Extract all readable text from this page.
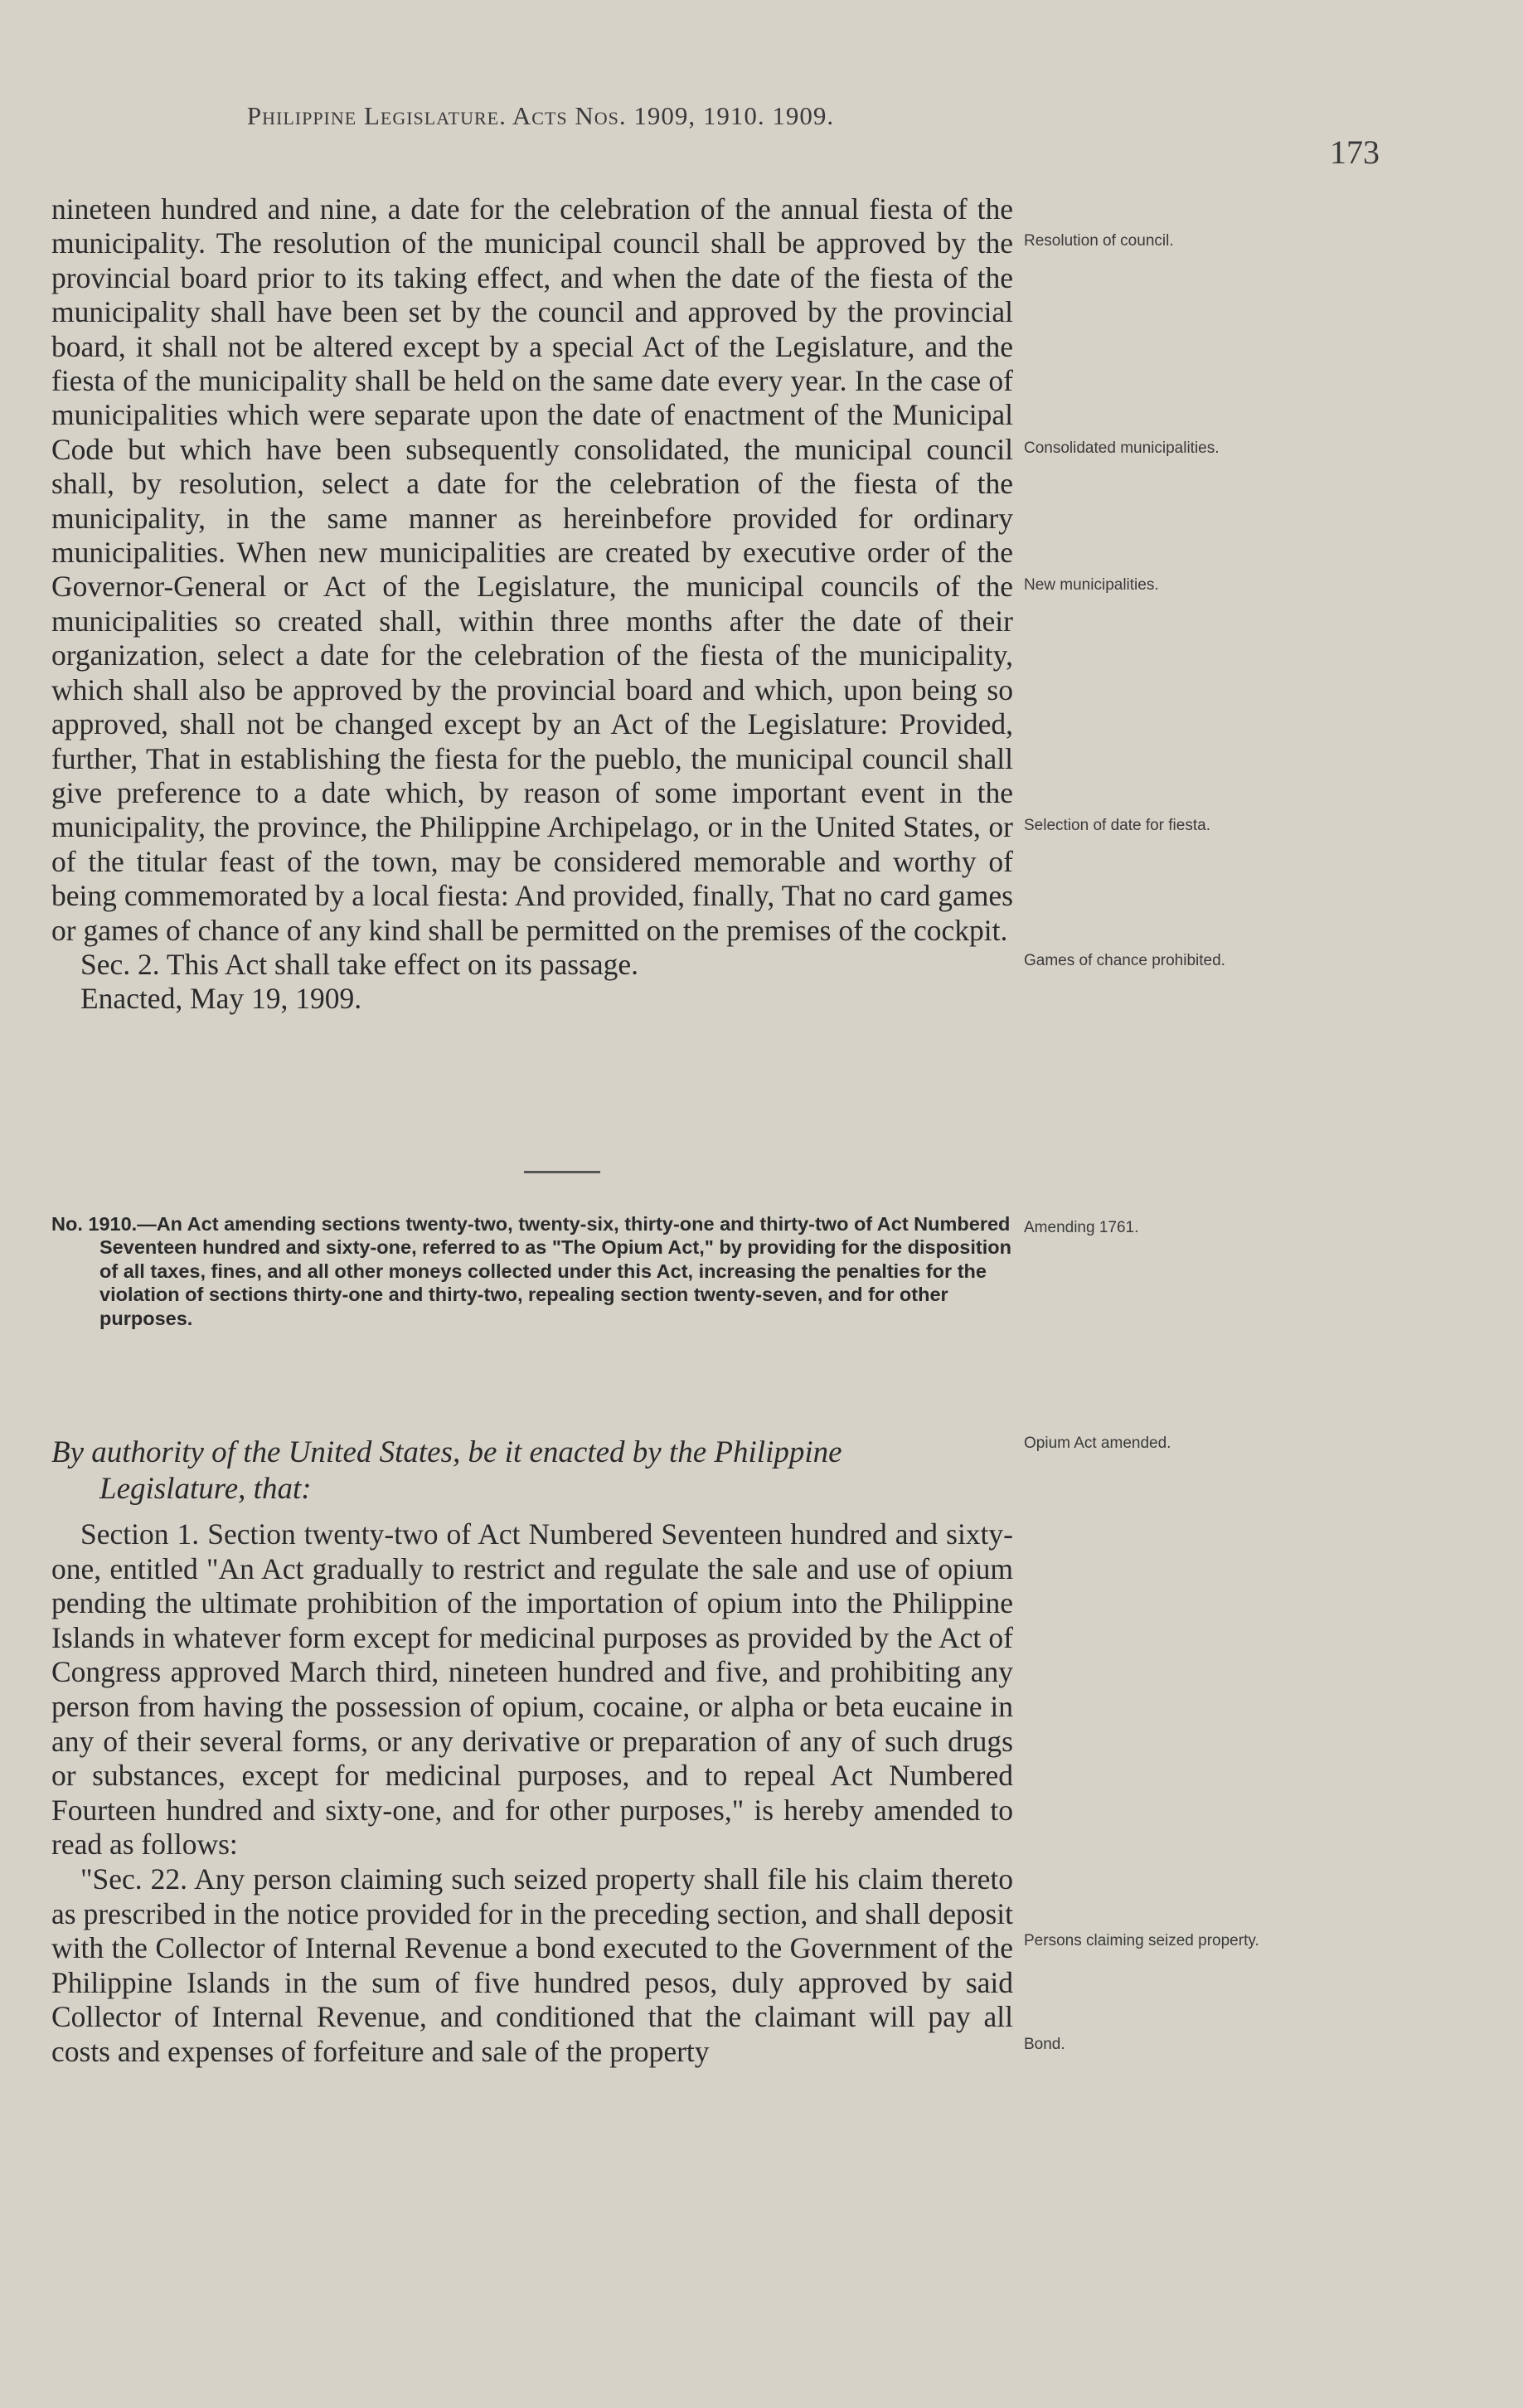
Philippine Legislature. Acts Nos. 1909, 1910. 1909.
173

nineteen hundred and nine, a date for the celebration of the annual fiesta of the municipality. The resolution of the municipal council shall be approved by the provincial board prior to its taking effect, and when the date of the fiesta of the municipality shall have been set by the council and approved by the provincial board, it shall not be altered except by a special Act of the Legislature, and the fiesta of the municipality shall be held on the same date every year. In the case of municipalities which were separate upon the date of enactment of the Municipal Code but which have been subsequently consolidated, the municipal council shall, by resolution, select a date for the celebration of the fiesta of the municipality, in the same manner as hereinbefore provided for ordinary municipalities. When new municipalities are created by executive order of the Governor-General or Act of the Legislature, the municipal councils of the municipalities so created shall, within three months after the date of their organization, select a date for the celebration of the fiesta of the municipality, which shall also be approved by the provincial board and which, upon being so approved, shall not be changed except by an Act of the Legislature: Provided, further, That in establishing the fiesta for the pueblo, the municipal council shall give preference to a date which, by reason of some important event in the municipality, the province, the Philippine Archipelago, or in the United States, or of the titular feast of the town, may be considered memorable and worthy of being commemorated by a local fiesta: And provided, finally, That no card games or games of chance of any kind shall be permitted on the premises of the cockpit.

Sec. 2. This Act shall take effect on its passage.

Enacted, May 19, 1909.

No. 1910.—An Act amending sections twenty-two, twenty-six, thirty-one and thirty-two of Act Numbered Seventeen hundred and sixty-one, referred to as "The Opium Act," by providing for the disposition of all taxes, fines, and all other moneys collected under this Act, increasing the penalties for the violation of sections thirty-one and thirty-two, repealing section twenty-seven, and for other purposes.
By authority of the United States, be it enacted by the Philippine
Legislature, that:

Section 1. Section twenty-two of Act Numbered Seventeen hundred and sixty-one, entitled "An Act gradually to restrict and regulate the sale and use of opium pending the ultimate prohibition of the importation of opium into the Philippine Islands in whatever form except for medicinal purposes as provided by the Act of Congress approved March third, nineteen hundred and five, and prohibiting any person from having the possession of opium, cocaine, or alpha or beta eucaine in any of their several forms, or any derivative or preparation of any of such drugs or substances, except for medicinal purposes, and to repeal Act Numbered Fourteen hundred and sixty-one, and for other purposes," is hereby amended to read as follows:

"Sec. 22. Any person claiming such seized property shall file his claim thereto as prescribed in the notice provided for in the preceding section, and shall deposit with the Collector of Internal Revenue a bond executed to the Government of the Philippine Islands in the sum of five hundred pesos, duly approved by said Collector of Internal Revenue, and conditioned that the claimant will pay all costs and expenses of forfeiture and sale of the property

Resolution of council.
Consolidated municipalities.
New municipalities.
Selection of date for fiesta.
Games of chance prohibited.
Amending 1761.
Opium Act amended.
Persons claiming seized property.
Bond.
